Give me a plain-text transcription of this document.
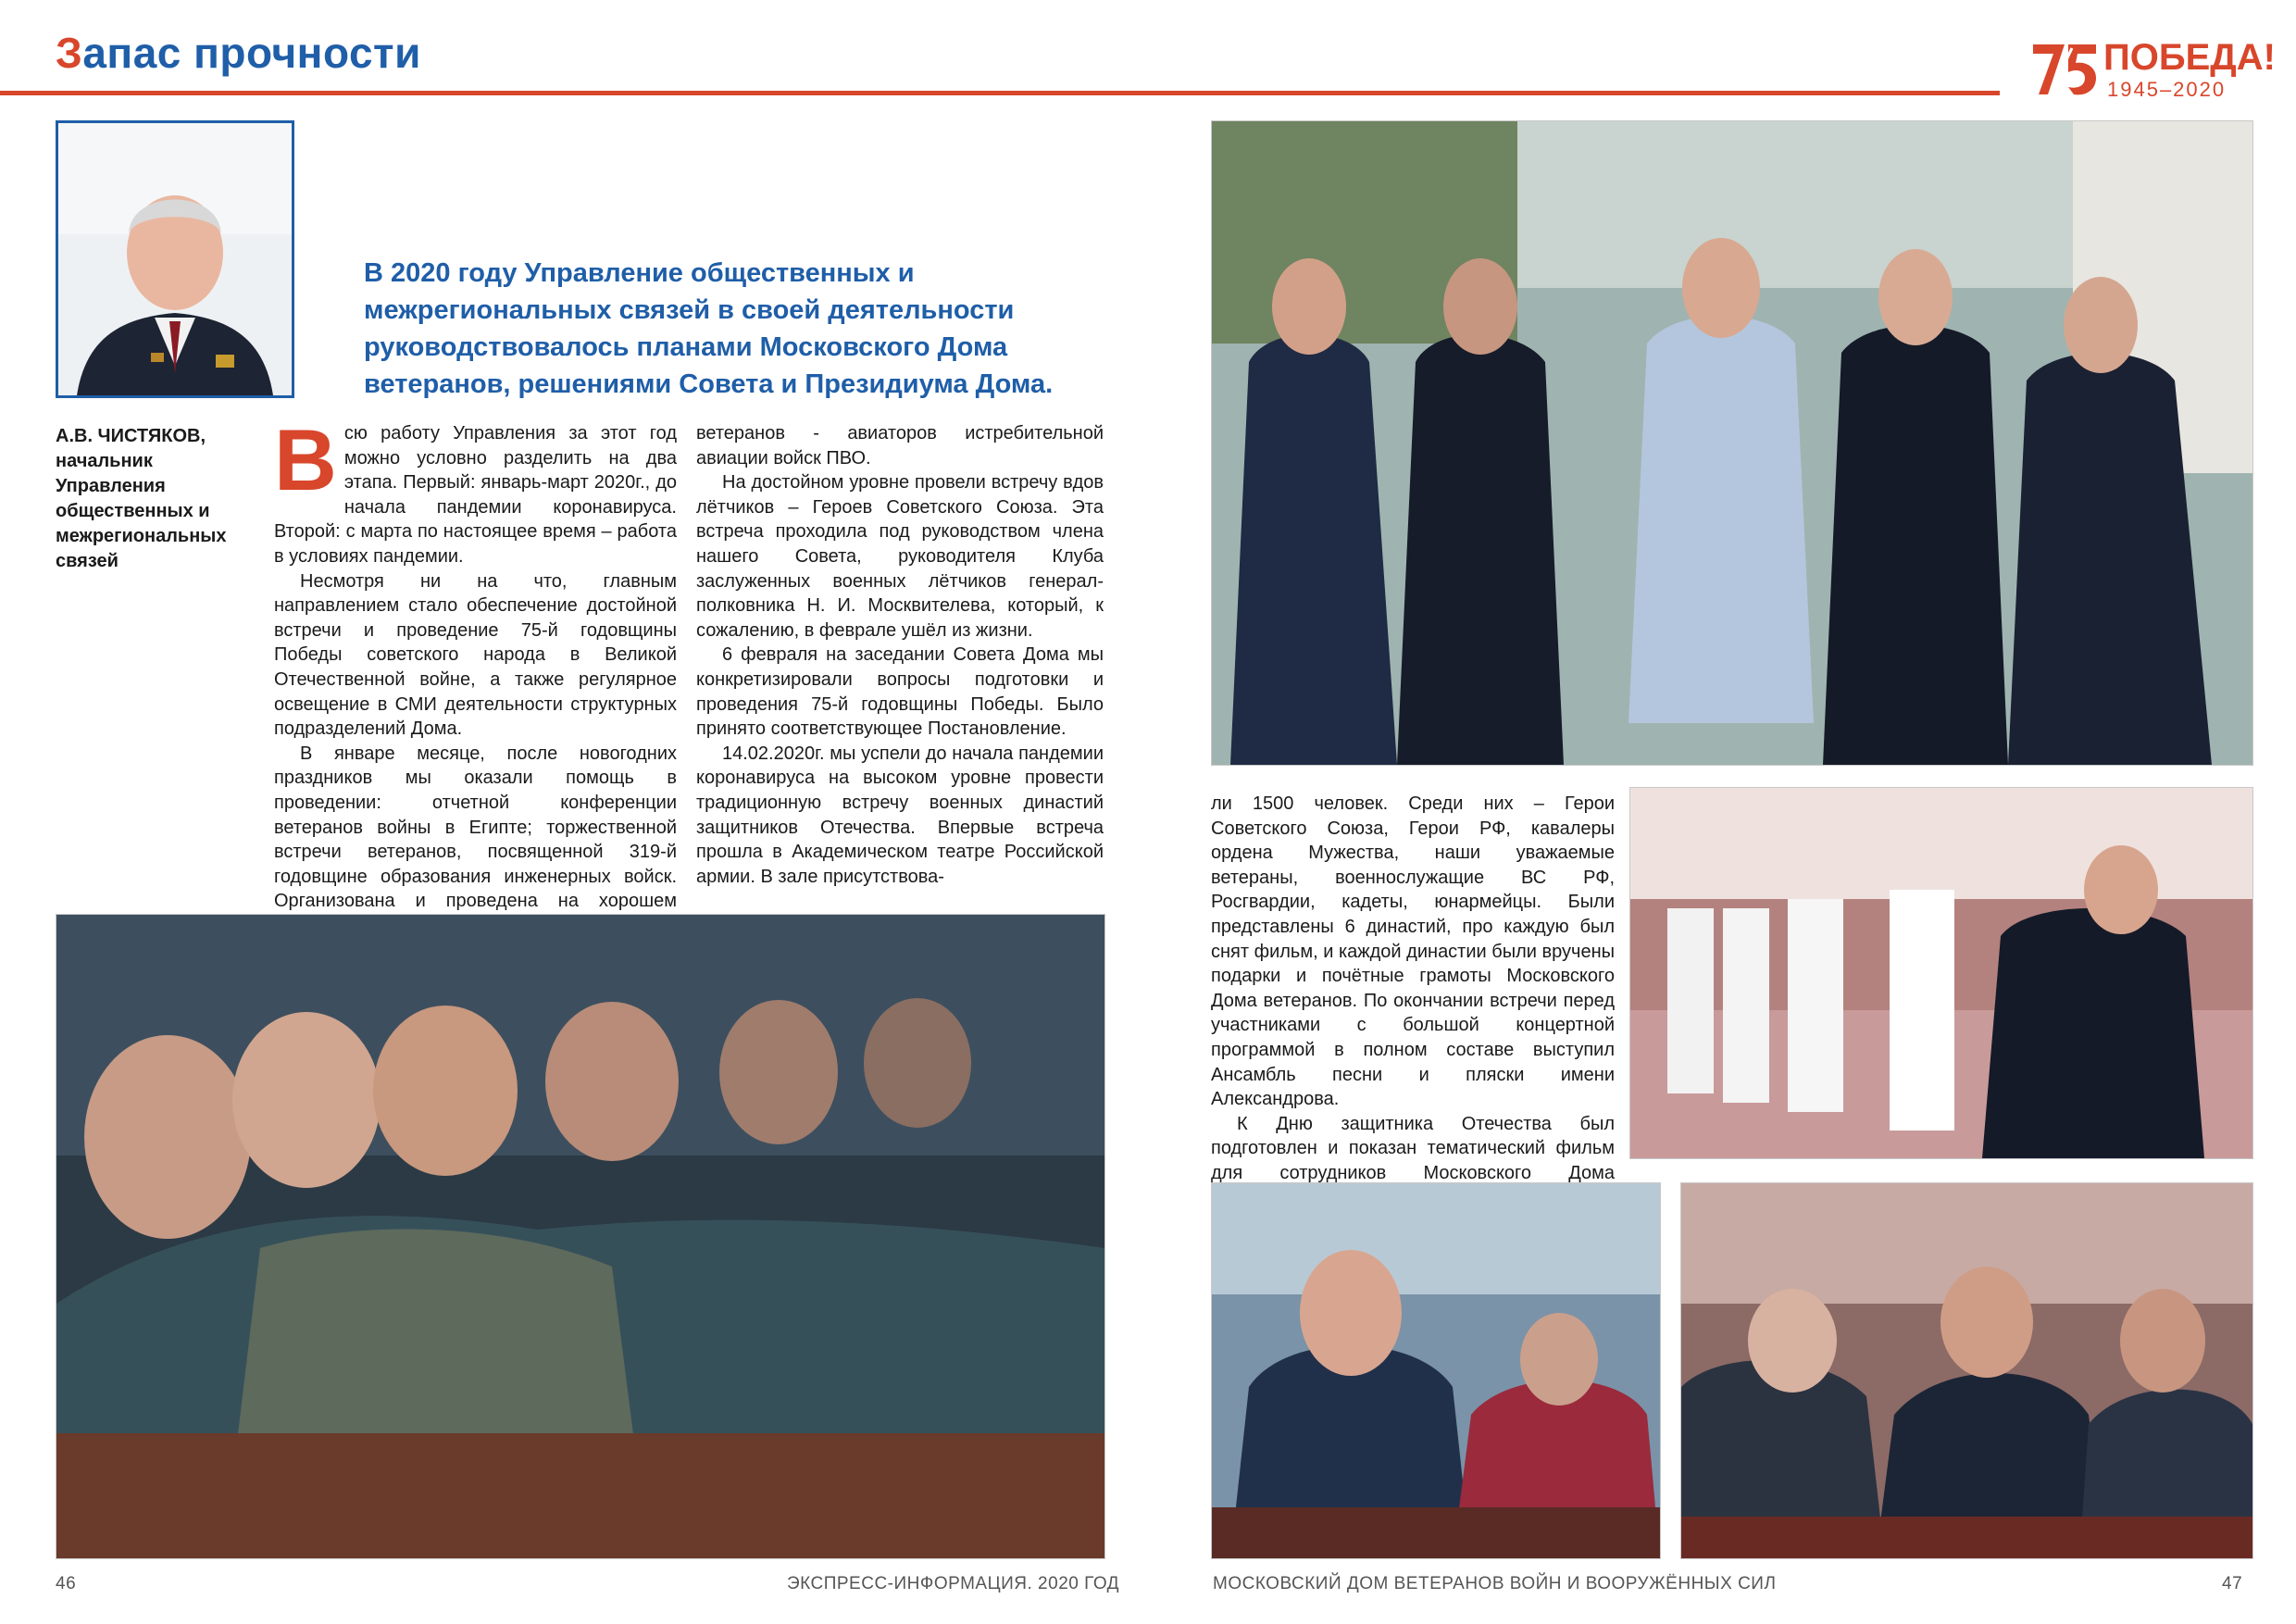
Запас прочности	ПОБЕДА!
1945–2020
А.В. ЧИСТЯКОВ,
начальник Управления общественных и межрегиональных связей
В 2020 году Управление общественных и межрегиональных связей в своей деятельности руководствовалось планами Московского Дома ветеранов, решениями Совета и Президиума Дома.
В сю работу Управления за этот год можно условно разделить на два этапа. Первый: январь-март 2020г., до начала пандемии коронавируса. Второй: с марта по настоящее время – работа в условиях пандемии.

Несмотря ни на что, главным направлением стало обеспечение достойной встречи и проведение 75-й годовщины Победы советского народа в Великой Отечественной войне, а также регулярное освещение в СМИ деятельности структурных подразделений Дома.

В январе месяце, после новогодних праздников мы оказали помощь в проведении: отчетной конференции ветеранов войны в Египте; торжественной встречи ветеранов, посвященной 319-й годовщине образования инженерных войск. Организована и проведена на хорошем

ветеранов - авиаторов истребительной авиации войск ПВО.

На достойном уровне провели встречу вдов лётчиков – Героев Советского Союза. Эта встреча проходила под руководством члена нашего Совета, руководителя Клуба заслуженных военных лётчиков генерал-полковника Н. И. Москвителева, который, к сожалению, в феврале ушёл из жизни.

6 февраля на заседании Совета Дома мы конкретизировали вопросы подготовки и проведения 75-й годовщины Победы. Было принято соответствующее Постановление.

14.02.2020г. мы успели до начала пандемии коронавируса на высоком уровне провести традиционную встречу военных династий защитников Отечества. Впервые встреча прошла в Академическом театре Российской армии. В зале присутствова-

ли 1500 человек. Среди них – Герои Советского Союза, Герои РФ, кавалеры ордена Мужества, наши уважаемые ветераны, военнослужащие ВС РФ, Росгвардии, кадеты, юнармейцы. Были представлены 6 династий, про каждую был снят фильм, и каждой династии были вручены подарки и почётные грамоты Московского Дома ветеранов. По окончании встречи перед участниками с большой концертной программой в полном составе выступил Ансамбль песни и пляски имени Александрова.

К Дню защитника Отечества был подготовлен и показан тематический фильм для сотрудников Московского Дома

46	ЭКСПРЕСС-ИНФОРМАЦИЯ. 2020 ГОД	МОСКОВСКИЙ ДОМ ВЕТЕРАНОВ ВОЙН И ВООРУЖЁННЫХ СИЛ	47
